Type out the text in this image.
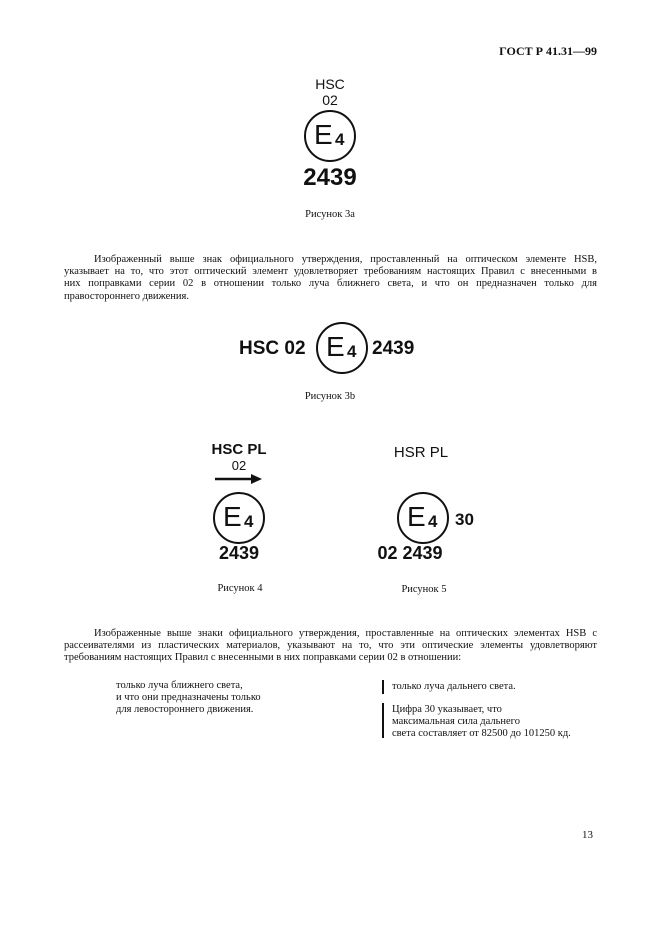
ГОСТ Р 41.31—99
HSC
02
E 4
2439
Рисунок 3а
Изображенный выше знак официального утверждения, проставленный на оптическом элементе HSB,
указывает на то, что этот оптический элемент удовлетворяет требованиям настоящих Правил с внесенными в
них поправками серии 02 в отношении только луча ближнего света, и что он предназначен только для
правостороннего движения.
HSC 02 E 4 2439
Рисунок 3b
HSC PL
02
E 4
2439
Рисунок 4
HSR PL
E 4 30
02 2439
Рисунок 5
Изображенные выше знаки официального утверждения, проставленные на оптических элементах HSB с
рассеивателями из пластических материалов, указывают на то, что эти оптические элементы удовлетворяют
требованиям настоящих Правил с внесенными в них поправками серии 02 в отношении:
только луча ближнего света,
и что они предназначены только
для левостороннего движения.
только луча дальнего света.
Цифра 30 указывает, что
максимальная сила дальнего
света составляет от 82500 до 101250 кд.
13
